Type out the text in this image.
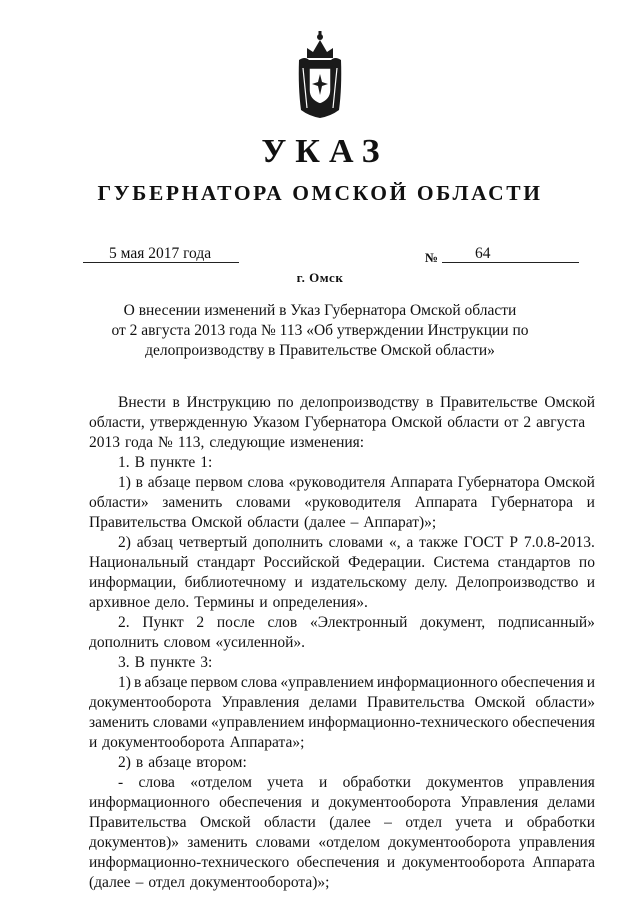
УКАЗ
ГУБЕРНАТОРА ОМСКОЙ ОБЛАСТИ
5 мая 2017 года	№	64
г. Омск
О внесении изменений в Указ Губернатора Омской области
от 2 августа 2013 года № 113 «Об утверждении Инструкции по
делопроизводству в Правительстве Омской области»
Внести в Инструкцию по делопроизводству в Правительстве Омской
области, утвержденную Указом Губернатора Омской области от 2 августа
2013 года № 113, следующие изменения:
1. В пункте 1:
1) в абзаце первом слова «руководителя Аппарата Губернатора Омской
области» заменить словами «руководителя Аппарата Губернатора и
Правительства Омской области (далее – Аппарат)»;
2) абзац четвертый дополнить словами «, а также ГОСТ Р 7.0.8-2013.
Национальный стандарт Российской Федерации. Система стандартов по
информации, библиотечному и издательскому делу. Делопроизводство и
архивное дело. Термины и определения».
2. Пункт 2 после слов «Электронный документ, подписанный»
дополнить словом «усиленной».
3. В пункте 3:
1) в абзаце первом слова «управлением информационного обеспечения и
документооборота Управления делами Правительства Омской области»
заменить словами «управлением информационно-технического обеспечения
и документооборота Аппарата»;
2) в абзаце втором:
- слова «отделом учета и обработки документов управления
информационного обеспечения и документооборота Управления делами
Правительства Омской области (далее – отдел учета и обработки
документов)» заменить словами «отделом документооборота управления
информационно-технического обеспечения и документооборота Аппарата
(далее – отдел документооборота)»;
